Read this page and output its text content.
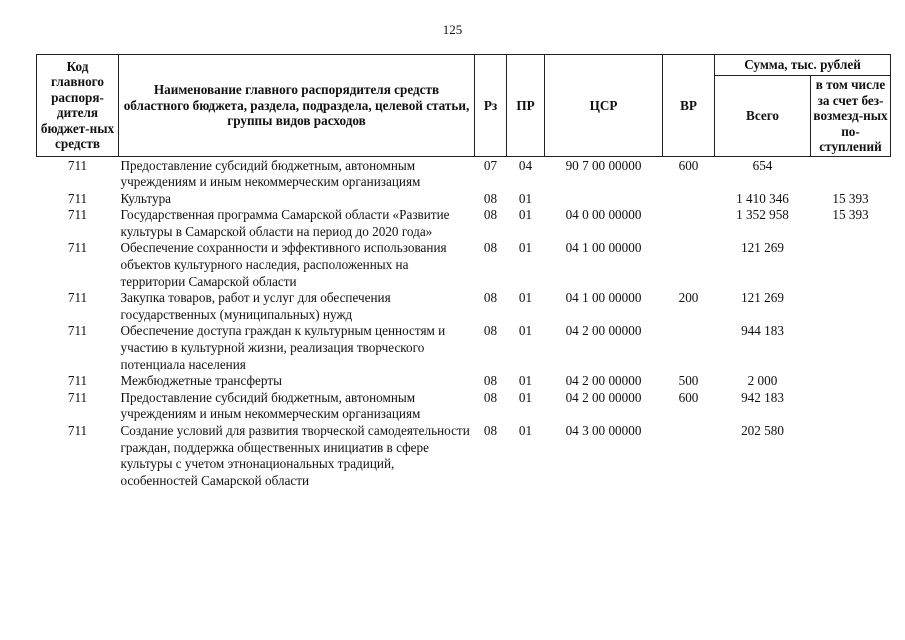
125
Код главного распоря-дителя бюджет-ных средств	Наименование главного распорядителя средств областного бюджета, раздела, подраздела, целевой статьи, группы видов расходов	Рз	ПР	ЦСР	ВР	Сумма, тыс. рублей	
						Всего	в том числе за счет без-возмезд-ных по-ступлений
711	Предоставление субсидий бюджетным, автономным учреждениям и иным некоммерческим организациям	07	04	90 7 00 00000	600	654	
711	Культура	08	01			1 410 346	15 393
711	Государственная программа Самарской области «Развитие культуры в Самарской области на период до 2020 года»	08	01	04 0 00 00000		1 352 958	15 393
711	Обеспечение сохранности и эффективного использования объектов культурного наследия, расположенных на территории Самарской области	08	01	04 1 00 00000		121 269	
711	Закупка товаров, работ и услуг для обеспечения государственных (муниципальных) нужд	08	01	04 1 00 00000	200	121 269	
711	Обеспечение доступа граждан к культурным ценностям и участию в культурной жизни, реализация творческого потенциала населения	08	01	04 2 00 00000		944 183	
711	Межбюджетные трансферты	08	01	04 2 00 00000	500	2 000	
711	Предоставление субсидий бюджетным, автономным учреждениям и иным некоммерческим организациям	08	01	04 2 00 00000	600	942 183	
711	Создание условий для развития творческой самодеятельности граждан, поддержка общественных инициатив в сфере культуры с учетом этнонациональных традиций, особенностей Самарской области	08	01	04 3 00 00000		202 580	
